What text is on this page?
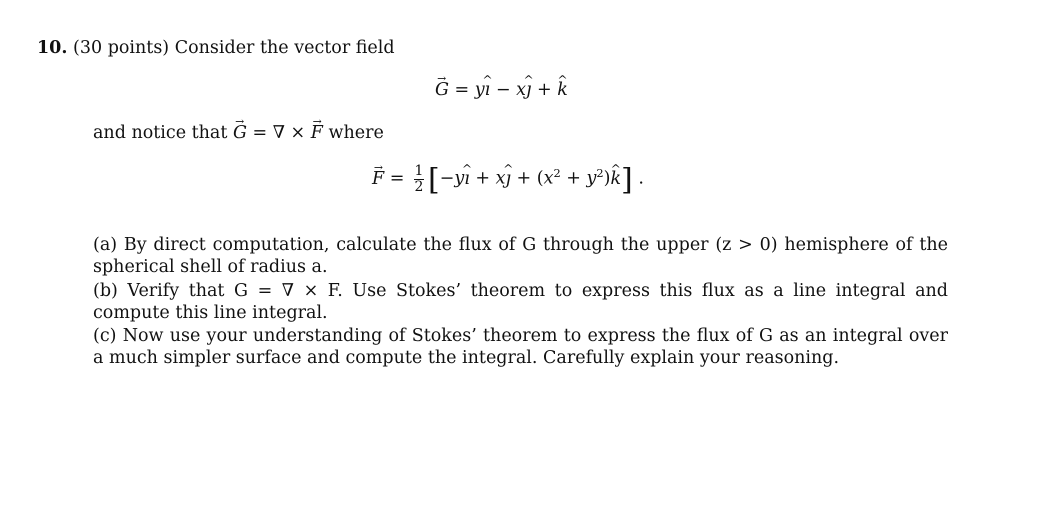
10. (30 points) Consider the vector field
G → = yı ^ − xȷ ^ + k ^
and notice that G → = ∇ × F → where
F → = $\frac{1}{2}$ [−yı ^ + xȷ ^ + $(x^2 + y^2)k$ ^] .
(a) By direct computation, calculate the flux of G through the upper (z > 0) hemisphere of the spherical shell of radius a.
(b) Verify that G = ∇ × F. Use Stokes’ theorem to express this flux as a line integral and compute this line integral.
(c) Now use your understanding of Stokes’ theorem to express the flux of G as an integral over a much simpler surface and compute the integral. Carefully explain your reasoning.
